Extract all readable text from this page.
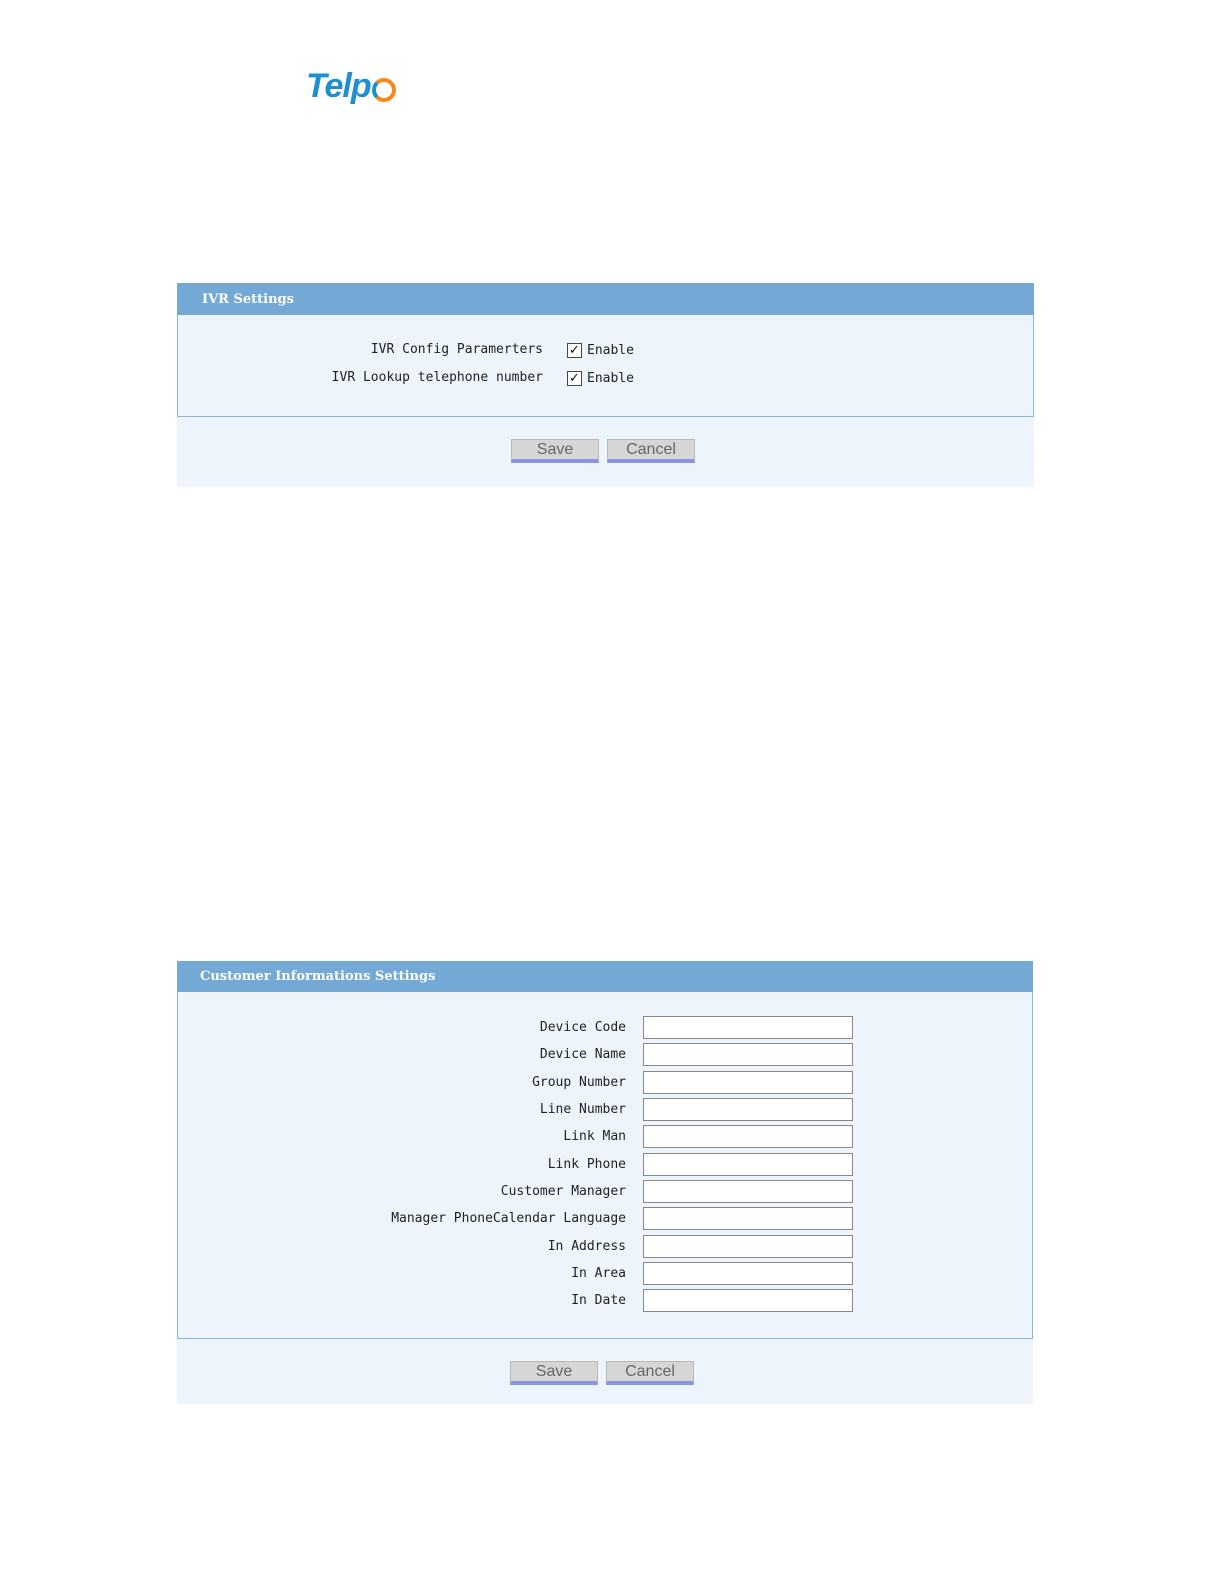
Telp
IVR Settings
IVR Config Paramerters ✓ Enable
IVR Lookup telephone number ✓ Enable
Save	Cancel
Customer Informations Settings
Device Code
Device Name
Group Number
Line Number
Link Man
Link Phone
Customer Manager
Manager PhoneCalendar Language
In Address
In Area
In Date
Save	Cancel
